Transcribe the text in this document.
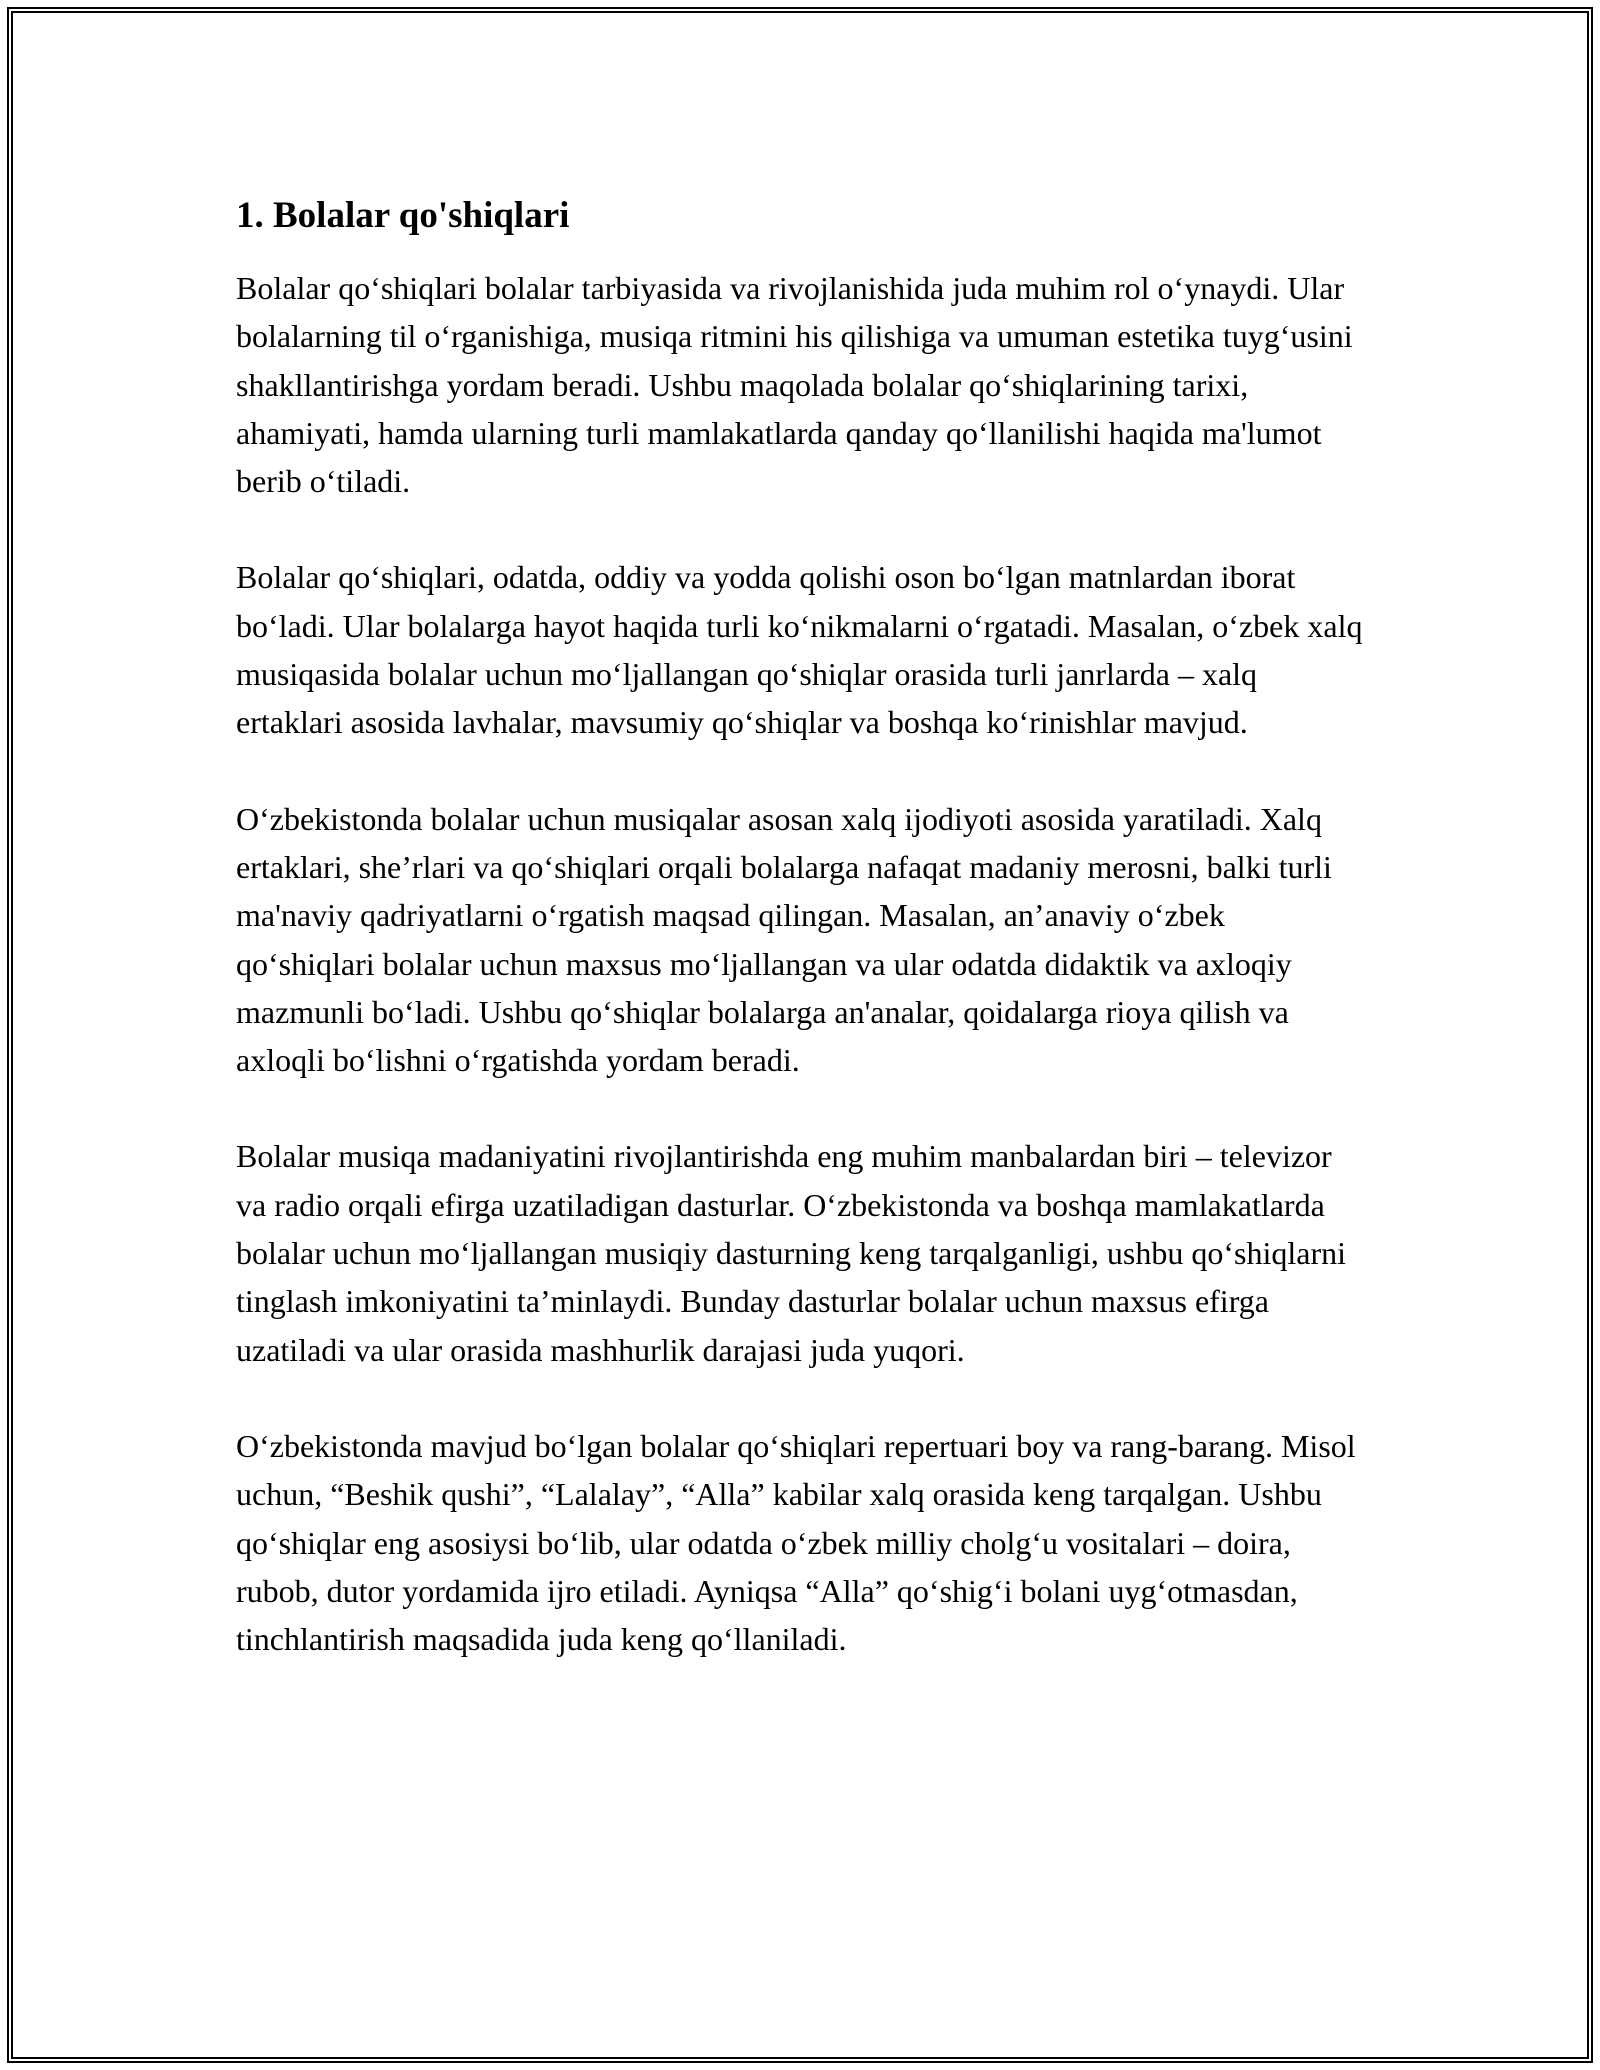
1. Bolalar qo'shiqlari

Bolalar qo‘shiqlari bolalar tarbiyasida va rivojlanishida juda muhim rol o‘ynaydi. Ular bolalarning til o‘rganishiga, musiqa ritmini his qilishiga va umuman estetika tuyg‘usini shakllantirishga yordam beradi. Ushbu maqolada bolalar qo‘shiqlarining tarixi, ahamiyati, hamda ularning turli mamlakatlarda qanday qo‘llanilishi haqida ma'lumot berib o‘tiladi.

Bolalar qo‘shiqlari, odatda, oddiy va yodda qolishi oson bo‘lgan matnlardan iborat bo‘ladi. Ular bolalarga hayot haqida turli ko‘nikmalarni o‘rgatadi. Masalan, o‘zbek xalq musiqasida bolalar uchun mo‘ljallangan qo‘shiqlar orasida turli janrlarda – xalq ertaklari asosida lavhalar, mavsumiy qo‘shiqlar va boshqa ko‘rinishlar mavjud.

O‘zbekistonda bolalar uchun musiqalar asosan xalq ijodiyoti asosida yaratiladi. Xalq ertaklari, she’rlari va qo‘shiqlari orqali bolalarga nafaqat madaniy merosni, balki turli ma'naviy qadriyatlarni o‘rgatish maqsad qilingan. Masalan, an’anaviy o‘zbek qo‘shiqlari bolalar uchun maxsus mo‘ljallangan va ular odatda didaktik va axloqiy mazmunli bo‘ladi. Ushbu qo‘shiqlar bolalarga an'analar, qoidalarga rioya qilish va axloqli bo‘lishni o‘rgatishda yordam beradi.

Bolalar musiqa madaniyatini rivojlantirishda eng muhim manbalardan biri – televizor va radio orqali efirga uzatiladigan dasturlar. O‘zbekistonda va boshqa mamlakatlarda bolalar uchun mo‘ljallangan musiqiy dasturning keng tarqalganligi, ushbu qo‘shiqlarni tinglash imkoniyatini ta’minlaydi. Bunday dasturlar bolalar uchun maxsus efirga uzatiladi va ular orasida mashhurlik darajasi juda yuqori.

O‘zbekistonda mavjud bo‘lgan bolalar qo‘shiqlari repertuari boy va rang-barang. Misol uchun, “Beshik qushi”, “Lalalay”, “Alla” kabilar xalq orasida keng tarqalgan. Ushbu qo‘shiqlar eng asosiysi bo‘lib, ular odatda o‘zbek milliy cholg‘u vositalari – doira, rubob, dutor yordamida ijro etiladi. Ayniqsa “Alla” qo‘shig‘i bolani uyg‘otmasdan, tinchlantirish maqsadida juda keng qo‘llaniladi.
